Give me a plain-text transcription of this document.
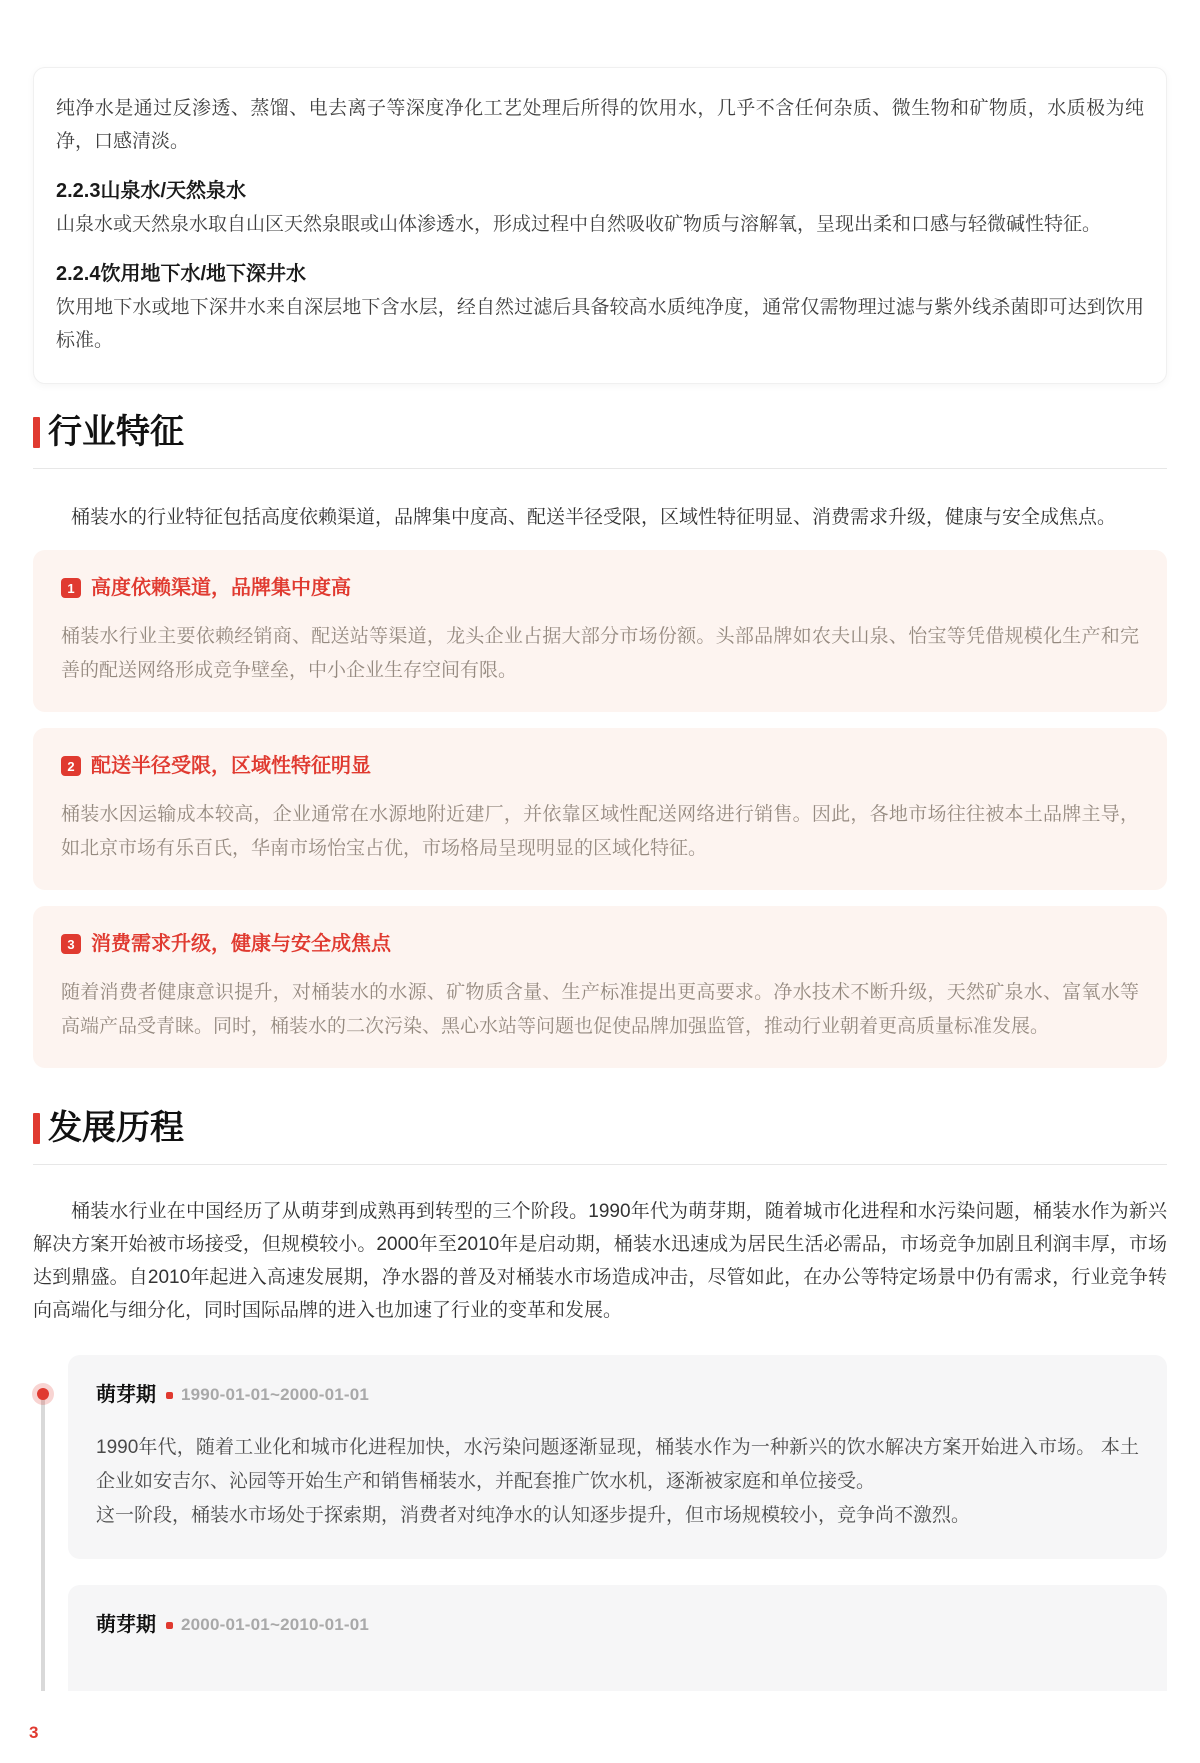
纯净水是通过反渗透、蒸馏、电去离子等深度净化工艺处理后所得的饮用水，几乎不含任何杂质、微生物和矿物质，水质极为纯净，口感清淡。

2.2.3山泉水/天然泉水

山泉水或天然泉水取自山区天然泉眼或山体渗透水，形成过程中自然吸收矿物质与溶解氧，呈现出柔和口感与轻微碱性特征。

2.2.4饮用地下水/地下深井水

饮用地下水或地下深井水来自深层地下含水层，经自然过滤后具备较高水质纯净度，通常仅需物理过滤与紫外线杀菌即可达到饮用标准。

行业特征

桶装水的行业特征包括高度依赖渠道，品牌集中度高、配送半径受限，区域性特征明显、消费需求升级，健康与安全成焦点。

1 高度依赖渠道，品牌集中度高

桶装水行业主要依赖经销商、配送站等渠道，龙头企业占据大部分市场份额。头部品牌如农夫山泉、怡宝等凭借规模化生产和完善的配送网络形成竞争壁垒，中小企业生存空间有限。

2 配送半径受限，区域性特征明显

桶装水因运输成本较高，企业通常在水源地附近建厂，并依靠区域性配送网络进行销售。因此，各地市场往往被本土品牌主导，如北京市场有乐百氏，华南市场怡宝占优，市场格局呈现明显的区域化特征。

3 消费需求升级，健康与安全成焦点

随着消费者健康意识提升，对桶装水的水源、矿物质含量、生产标准提出更高要求。净水技术不断升级，天然矿泉水、富氧水等高端产品受青睐。同时，桶装水的二次污染、黑心水站等问题也促使品牌加强监管，推动行业朝着更高质量标准发展。

发展历程

桶装水行业在中国经历了从萌芽到成熟再到转型的三个阶段。1990年代为萌芽期，随着城市化进程和水污染问题，桶装水作为新兴解决方案开始被市场接受，但规模较小。2000年至2010年是启动期，桶装水迅速成为居民生活必需品，市场竞争加剧且利润丰厚，市场达到鼎盛。自2010年起进入高速发展期，净水器的普及对桶装水市场造成冲击，尽管如此，在办公等特定场景中仍有需求，行业竞争转向高端化与细分化，同时国际品牌的进入也加速了行业的变革和发展。

萌芽期 1990-01-01~2000-01-01

1990年代，随着工业化和城市化进程加快，水污染问题逐渐显现，桶装水作为一种新兴的饮水解决方案开始进入市场。 本土企业如安吉尔、沁园等开始生产和销售桶装水，并配套推广饮水机，逐渐被家庭和单位接受。

这一阶段，桶装水市场处于探索期，消费者对纯净水的认知逐步提升，但市场规模较小，竞争尚不激烈。

萌芽期 2000-01-01~2010-01-01
3
